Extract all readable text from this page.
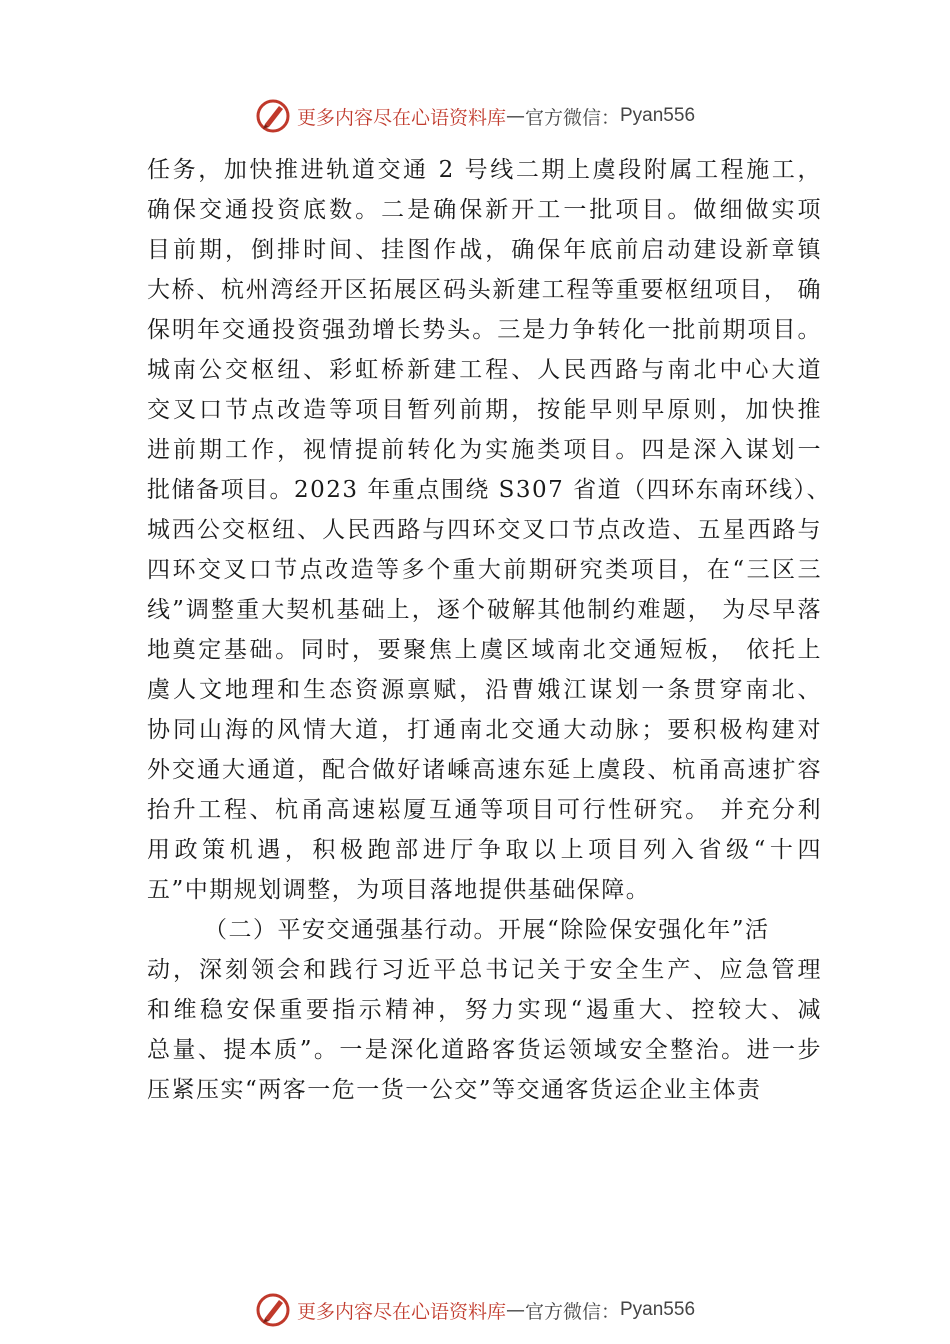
更多内容尽在心语资料库 — 官方微信： Pyan556
任务，加快推进轨道交通 2 号线二期上虞段附属工程施工，
确保交通投资底数。二是确保新开工一批项目。做细做实项
目前期，倒排时间、挂图作战，确保年底前启动建设新章镇
大桥、杭州湾经开区拓展区码头新建工程等重要枢纽项目， 确
保明年交通投资强劲增长势头。三是力争转化一批前期项目。
城南公交枢纽、彩虹桥新建工程、人民西路与南北中心大道
交叉口节点改造等项目暂列前期，按能早则早原则，加快推
进前期工作，视情提前转化为实施类项目。四是深入谋划一
批储备项目。2023 年重点围绕 S307 省道（四环东南环线）、
城西公交枢纽、人民西路与四环交叉口节点改造、五星西路与
四环交叉口节点改造等多个重大前期研究类项目，在“三区三
线”调整重大契机基础上，逐个破解其他制约难题， 为尽早落
地奠定基础。同时，要聚焦上虞区域南北交通短板， 依托上
虞人文地理和生态资源禀赋，沿曹娥江谋划一条贯穿南北、
协同山海的风情大道，打通南北交通大动脉；要积极构建对
外交通大通道，配合做好诸嵊高速东延上虞段、杭甬高速扩容
抬升工程、杭甬高速崧厦互通等项目可行性研究。 并充分利
用政策机遇，积极跑部进厅争取以上项目列入省级“十四
五”中期规划调整，为项目落地提供基础保障。
（二）平安交通强基行动。开展“除险保安强化年”活
动，深刻领会和践行习近平总书记关于安全生产、应急管理
和维稳安保重要指示精神，努力实现“遏重大、控较大、减
总量、提本质”。一是深化道路客货运领域安全整治。进一步
压紧压实“两客一危一货一公交”等交通客货运企业主体责
更多内容尽在心语资料库 — 官方微信： Pyan556
